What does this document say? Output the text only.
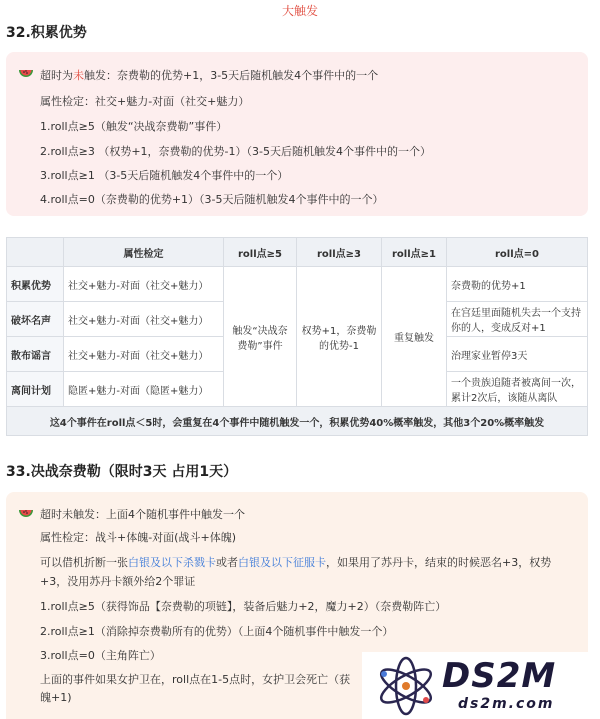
大触发
32.积累优势
超时为未触发：奈费勒的优势+1，3-5天后随机触发4个事件中的一个
属性检定：社交+魅力-对面（社交+魅力）
1.roll点≥5（触发“决战奈费勒”事件）
2.roll点≥3 （权势+1，奈费勒的优势-1）（3-5天后随机触发4个事件中的一个）
3.roll点≥1 （3-5天后随机触发4个事件中的一个）
4.roll点=0（奈费勒的优势+1）（3-5天后随机触发4个事件中的一个）
	属性检定	roll点≥5	roll点≥3	roll点≥1	roll点=0
积累优势	社交+魅力-对面（社交+魅力）	触发“决战奈费勒”事件	权势+1，奈费勒的优势-1	重复触发	奈费勒的优势+1
破坏名声	社交+魅力-对面（社交+魅力）				在宫廷里面随机失去一个支持你的人，变成反对+1
散布谣言	社交+魅力-对面（社交+魅力）				治理家业暂停3天
离间计划	隐匿+魅力-对面（隐匿+魅力）				一个贵族追随者被离间一次，累计2次后，该随从离队
这4个事件在roll点＜5时，会重复在4个事件中随机触发一个，积累优势40%概率触发，其他3个20%概率触发					
33.决战奈费勒（限时3天 占用1天）
超时未触发：上面4个随机事件中触发一个
属性检定：战斗+体魄-对面(战斗+体魄)
可以借机折断一张白银及以下杀戮卡或者白银及以下征服卡，如果用了苏丹卡，结束的时候恶名+3，权势
+3，没用苏丹卡额外给2个罪证
1.roll点≥5（获得饰品【奈费勒的项链】，装备后魅力+2，魔力+2）（奈费勒阵亡）
2.roll点≥1（消除掉奈费勒所有的优势）（上面4个随机事件中触发一个）
3.roll点=0（主角阵亡）
上面的事件如果女护卫在，roll点在1-5点时，女护卫会死亡（获
魄+1)
DS2M
ds2m.com
